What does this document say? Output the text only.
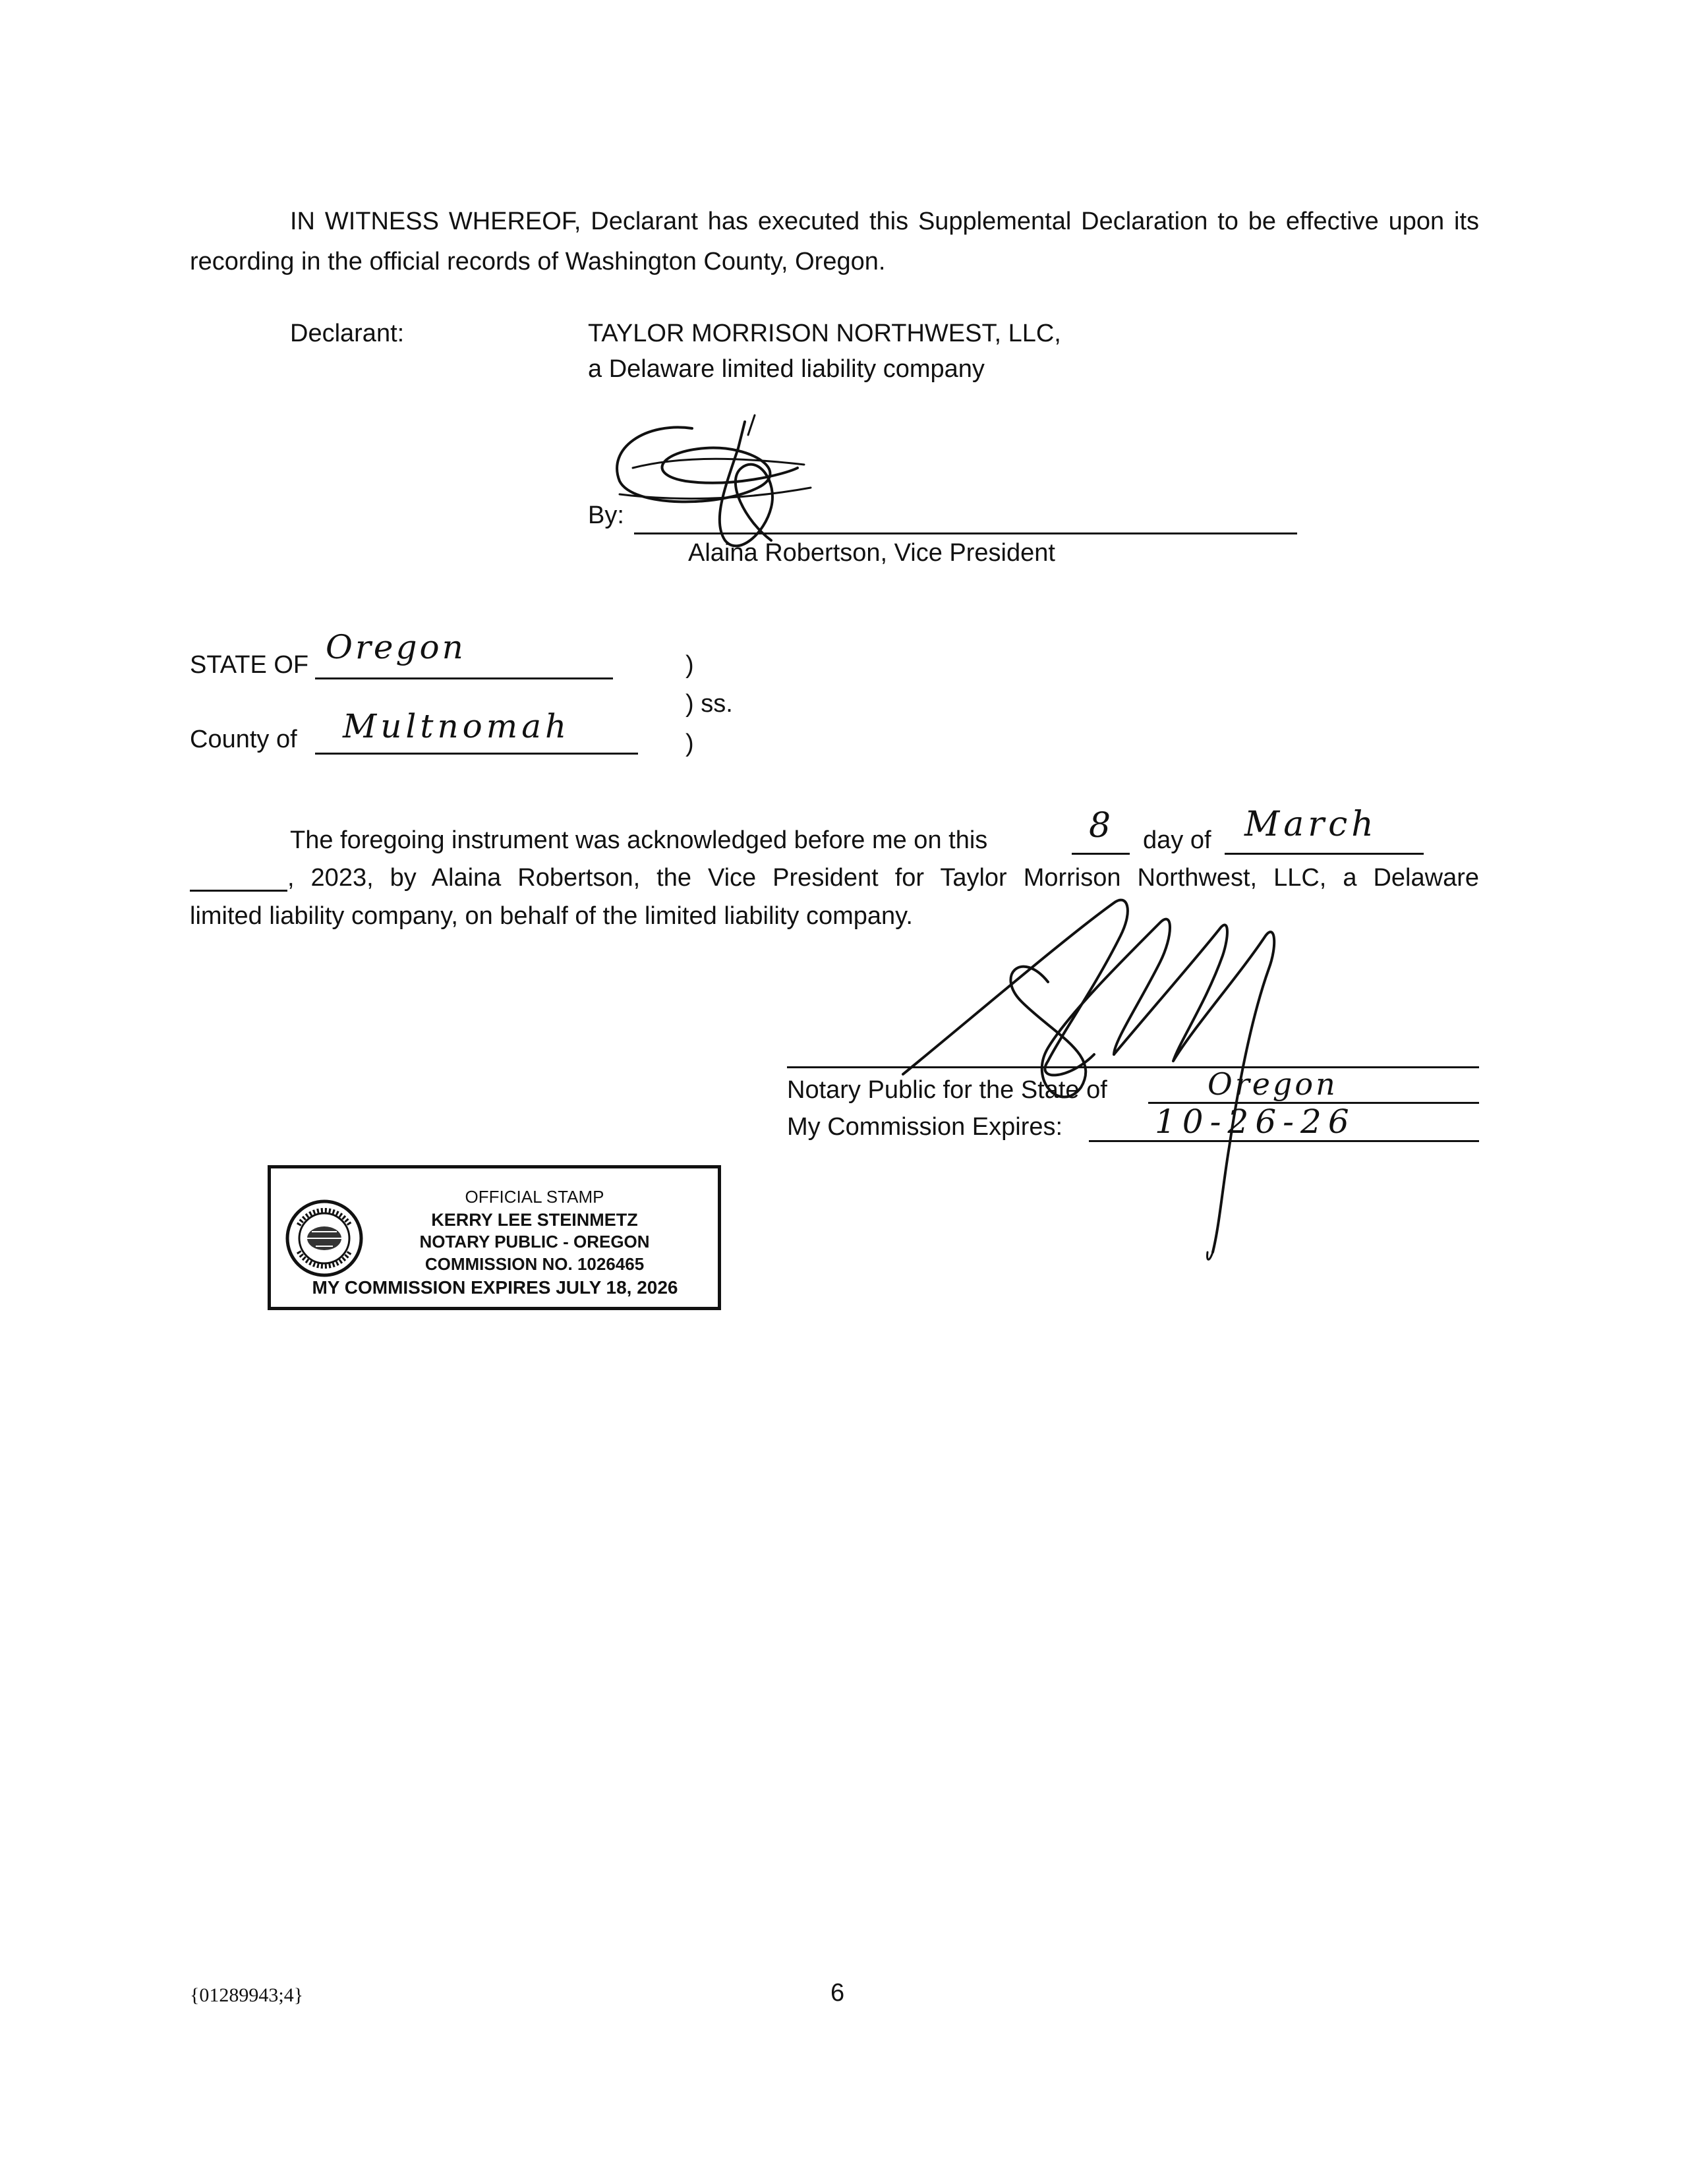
IN WITNESS WHEREOF, Declarant has executed this Supplemental Declaration to be effective upon its recording in the official records of Washington County, Oregon.
Declarant:	TAYLOR MORRISON NORTHWEST, LLC,
a Delaware limited liability company
By:
Alaina Robertson, Vice President
STATE OF Oregon
County of Multnomah
)
) ss.
)
The foregoing instrument was acknowledged before me on this	8 day of March
, 2023, by Alaina Robertson, the Vice President for Taylor Morrison Northwest, LLC, a Delaware
limited liability company, on behalf of the limited liability company.
Notary Public for the State of	Oregon
My Commission Expires:	10-26-26
OFFICIAL STAMP
KERRY LEE STEINMETZ
NOTARY PUBLIC - OREGON
COMMISSION NO. 1026465
MY COMMISSION EXPIRES JULY 18, 2026
{01289943;4}	6
